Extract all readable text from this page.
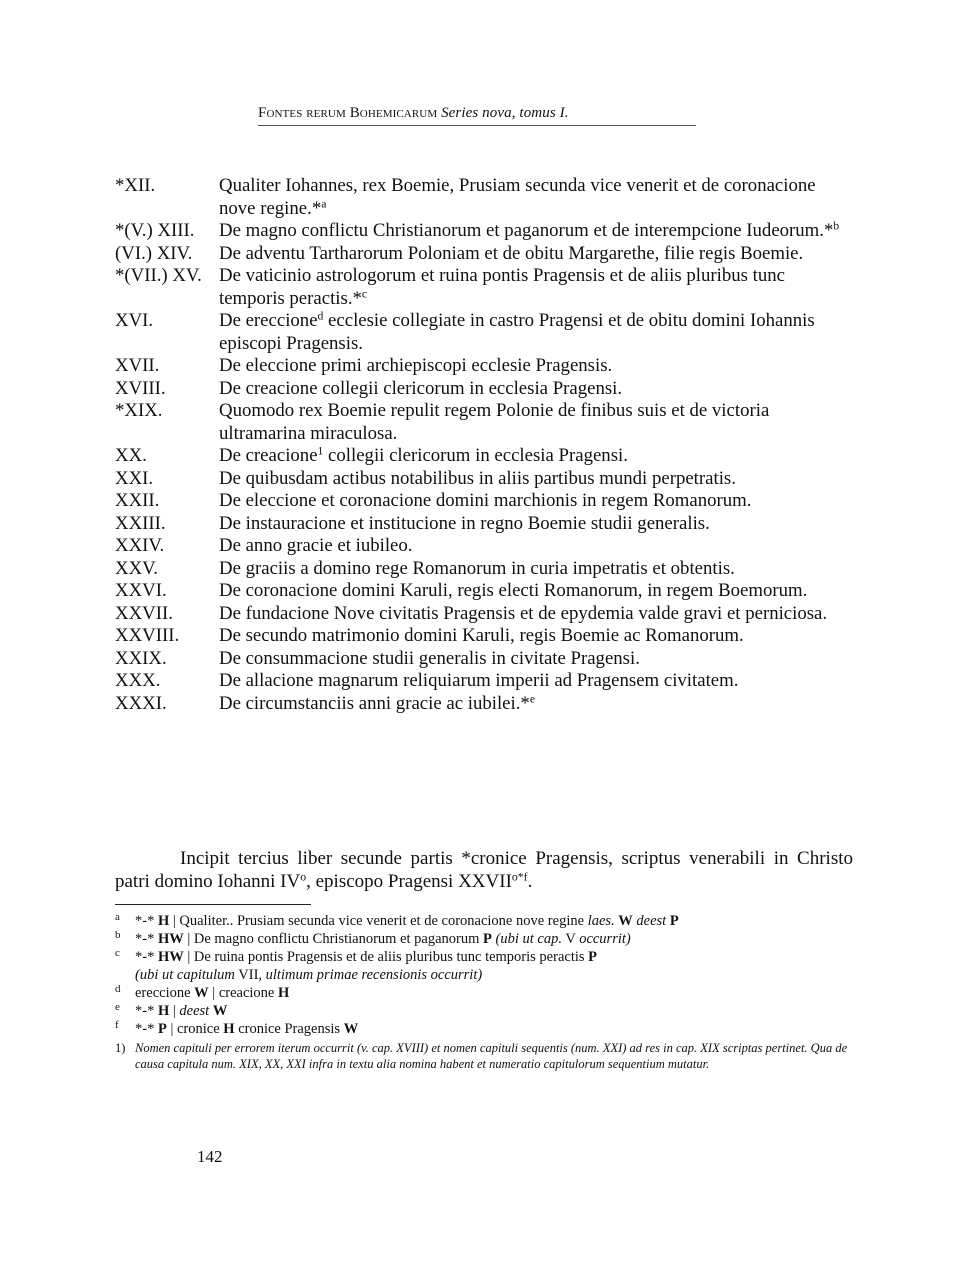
Fontes rerum Bohemicarum Series nova, tomus I.
*XII.	Qualiter Iohannes, rex Boemie, Prusiam secunda vice venerit et de coronacione nove regine.*$^a$
*(V.) XIII. De magno conflictu Christianorum et paganorum et de interempcione Iudeorum.*$^b$
(VI.) XIV. De adventu Tartharorum Poloniam et de obitu Margarethe, filie regis Boemie.
*(VII.) XV. De vaticinio astrologorum et ruina pontis Pragensis et de aliis pluribus tunc temporis peractis.*$^c$
XVI.	De ereccione$^d$ ecclesie collegiate in castro Pragensi et de obitu domini Iohannis episcopi Pragensis.
XVII.	De eleccione primi archiepiscopi ecclesie Pragensis.
XVIII.	De creacione collegii clericorum in ecclesia Pragensi.
*XIX.	Quomodo rex Boemie repulit regem Polonie de finibus suis et de victoria ultramarina miraculosa.
XX.	De creacione$^1$ collegii clericorum in ecclesia Pragensi.
XXI.	De quibusdam actibus notabilibus in aliis partibus mundi perpetratis.
XXII.	De eleccione et coronacione domini marchionis in regem Romanorum.
XXIII.	De instauracione et institucione in regno Boemie studii generalis.
XXIV.	De anno gracie et iubileo.
XXV.	De graciis a domino rege Romanorum in curia impetratis et obtentis.
XXVI.	De coronacione domini Karuli, regis electi Romanorum, in regem Boemorum.
XXVII. De fundacione Nove civitatis Pragensis et de epydemia valde gravi et perniciosa.
XXVIII. De secundo matrimonio domini Karuli, regis Boemie ac Romanorum.
XXIX.	De consummacione studii generalis in civitate Pragensi.
XXX.	De allacione magnarum reliquiarum imperii ad Pragensem civitatem.
XXXI.	De circumstanciis anni gracie ac iubilei.*$^e$
Incipit tercius liber secunde partis *cronice Pragensis, scriptus venerabili in Christo patri domino Iohanni $IV^o$, episcopo Pragensi $XXVII^{o*f}$.
a *-* H | Qualiter.. Prusiam secunda vice venerit et de coronacione nove regine laes. W deest P
b *-* HW | De magno conflictu Christianorum et paganorum P (ubi ut cap. V occurrit)
c *-* HW | De ruina pontis Pragensis et de aliis pluribus tunc temporis peractis P
(ubi ut capitulum VII, ultimum primae recensionis occurrit)
d ereccione W | creacione H
e *-* H | deest W
f *-* P | cronice H cronice Pragensis W
1) Nomen capituli per errorem iterum occurrit (v. cap. XVIII) et nomen capituli sequentis (num. XXI) ad res in cap. XIX scriptas pertinet. Qua de causa capitula num. XIX, XX, XXI infra in textu alia nomina habent et numeratio capitulorum sequentium mutatur.
142
